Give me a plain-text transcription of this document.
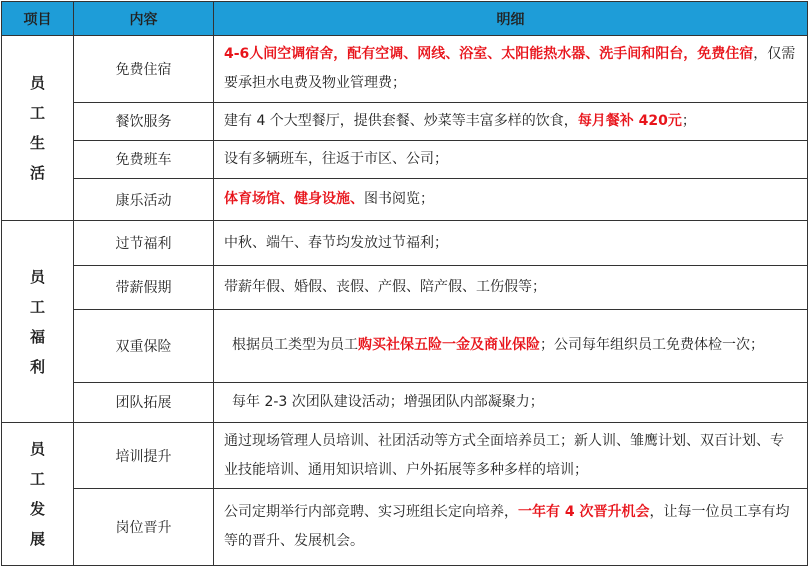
项目	内容	明细

员 工
生 活	免费住宿	4-6人间空调宿舍，配有空调、网线、浴室、太阳能热水器、洗手间和阳台，免费住宿，仅需要承担水电费及物业管理费；
	餐饮服务	建有 4 个大型餐厅，提供套餐、炒菜等丰富多样的饮食，每月餐补 420元；
	免费班车	设有多辆班车，往返于市区、公司；
	康乐活动	体育场馆、健身设施、图书阅览；

员 工
福 利	过节福利	中秋、端午、春节均发放过节福利；
	带薪假期	带薪年假、婚假、丧假、产假、陪产假、工伤假等；
	双重保险	根据员工类型为员工购买社保五险一金及商业保险；公司每年组织员工免费体检一次；
	团队拓展	每年 2-3 次团队建设活动；增强团队内部凝聚力；

员 工
发 展	培训提升	通过现场管理人员培训、社团活动等方式全面培养员工；新人训、雏鹰计划、双百计划、专业技能培训、通用知识培训、户外拓展等多种多样的培训；
	岗位晋升	公司定期举行内部竞聘、实习班组长定向培养，一年有 4 次晋升机会，让每一位员工享有均等的晋升、发展机会。
